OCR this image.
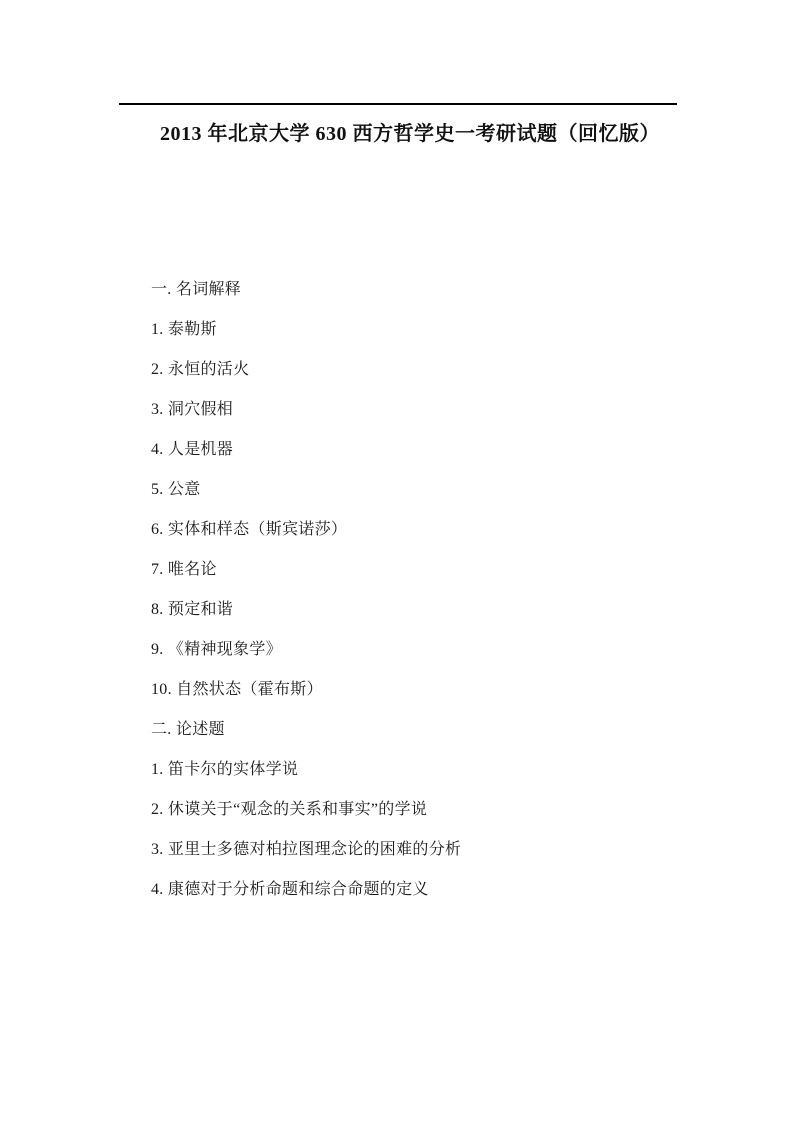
2013 年北京大学 630 西方哲学史一考研试题（回忆版）

一. 名词解释

1. 泰勒斯

2. 永恒的活火

3. 洞穴假相

4. 人是机器

5. 公意

6. 实体和样态（斯宾诺莎）

7. 唯名论

8. 预定和谐

9. 《精神现象学》

10. 自然状态（霍布斯）

二. 论述题

1. 笛卡尔的实体学说

2. 休谟关于“观念的关系和事实”的学说

3. 亚里士多德对柏拉图理念论的困难的分析

4. 康德对于分析命题和综合命题的定义
